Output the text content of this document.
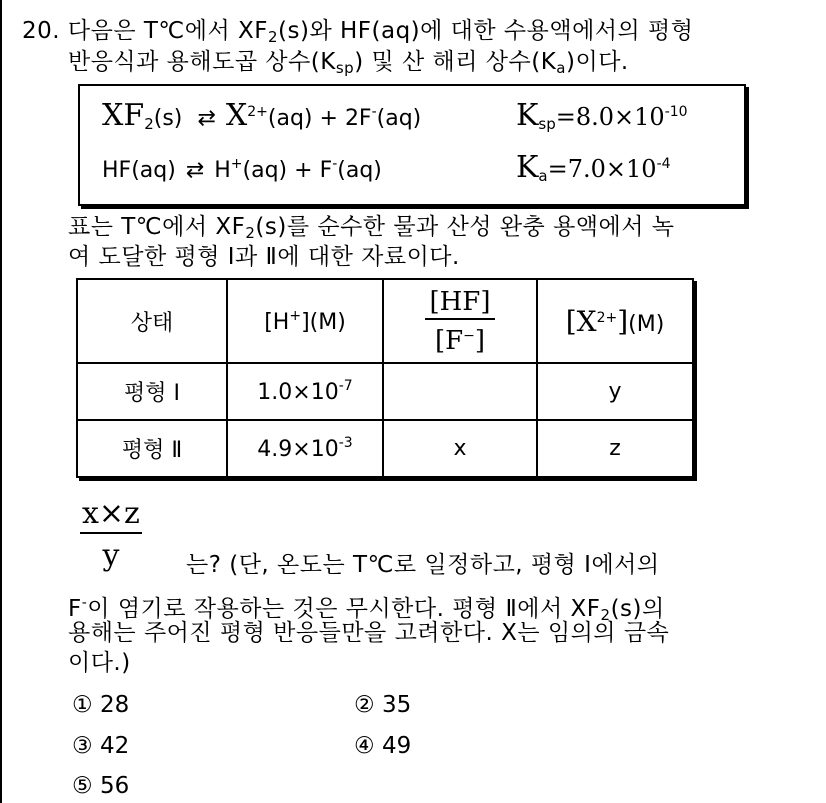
20. 다음은 T℃에서 $XF_2(s)$와 HF(aq)에 대한 수용액에서의 평형
반응식과 용해도곱 상수$(K_{sp})$ 및 산 해리 상수$(K_a)$이다.
XF2(s) ⇄ X2+(aq) + 2F-(aq)	Ksp=8.0×10-10
HF(aq) ⇄ H+(aq) + F-(aq)	Ka=7.0×10-4
표는 T℃에서 $XF_2(s)$를 순수한 물과 산성 완충 용액에서 녹
여 도달한 평형 Ⅰ과 Ⅱ에 대한 자료이다.
상태	[H+](M)	$\frac{[HF]}{[F^-]}$	$[X^{2+}](M)$
평형 Ⅰ	$1.0\times 10^{-7}$		y
평형 Ⅱ	$4.9\times 10^{-3}$	x	z
$\frac{x\times z}{y}$ 는? (단, 온도는 T℃로 일정하고, 평형 Ⅰ에서의
F-이 염기로 작용하는 것은 무시한다. 평형 Ⅱ에서 $XF_2(s)$의
용해는 주어진 평형 반응들만을 고려한다. X는 임의의 금속
이다.)
① 28	② 35
③ 42	④ 49
⑤ 56
